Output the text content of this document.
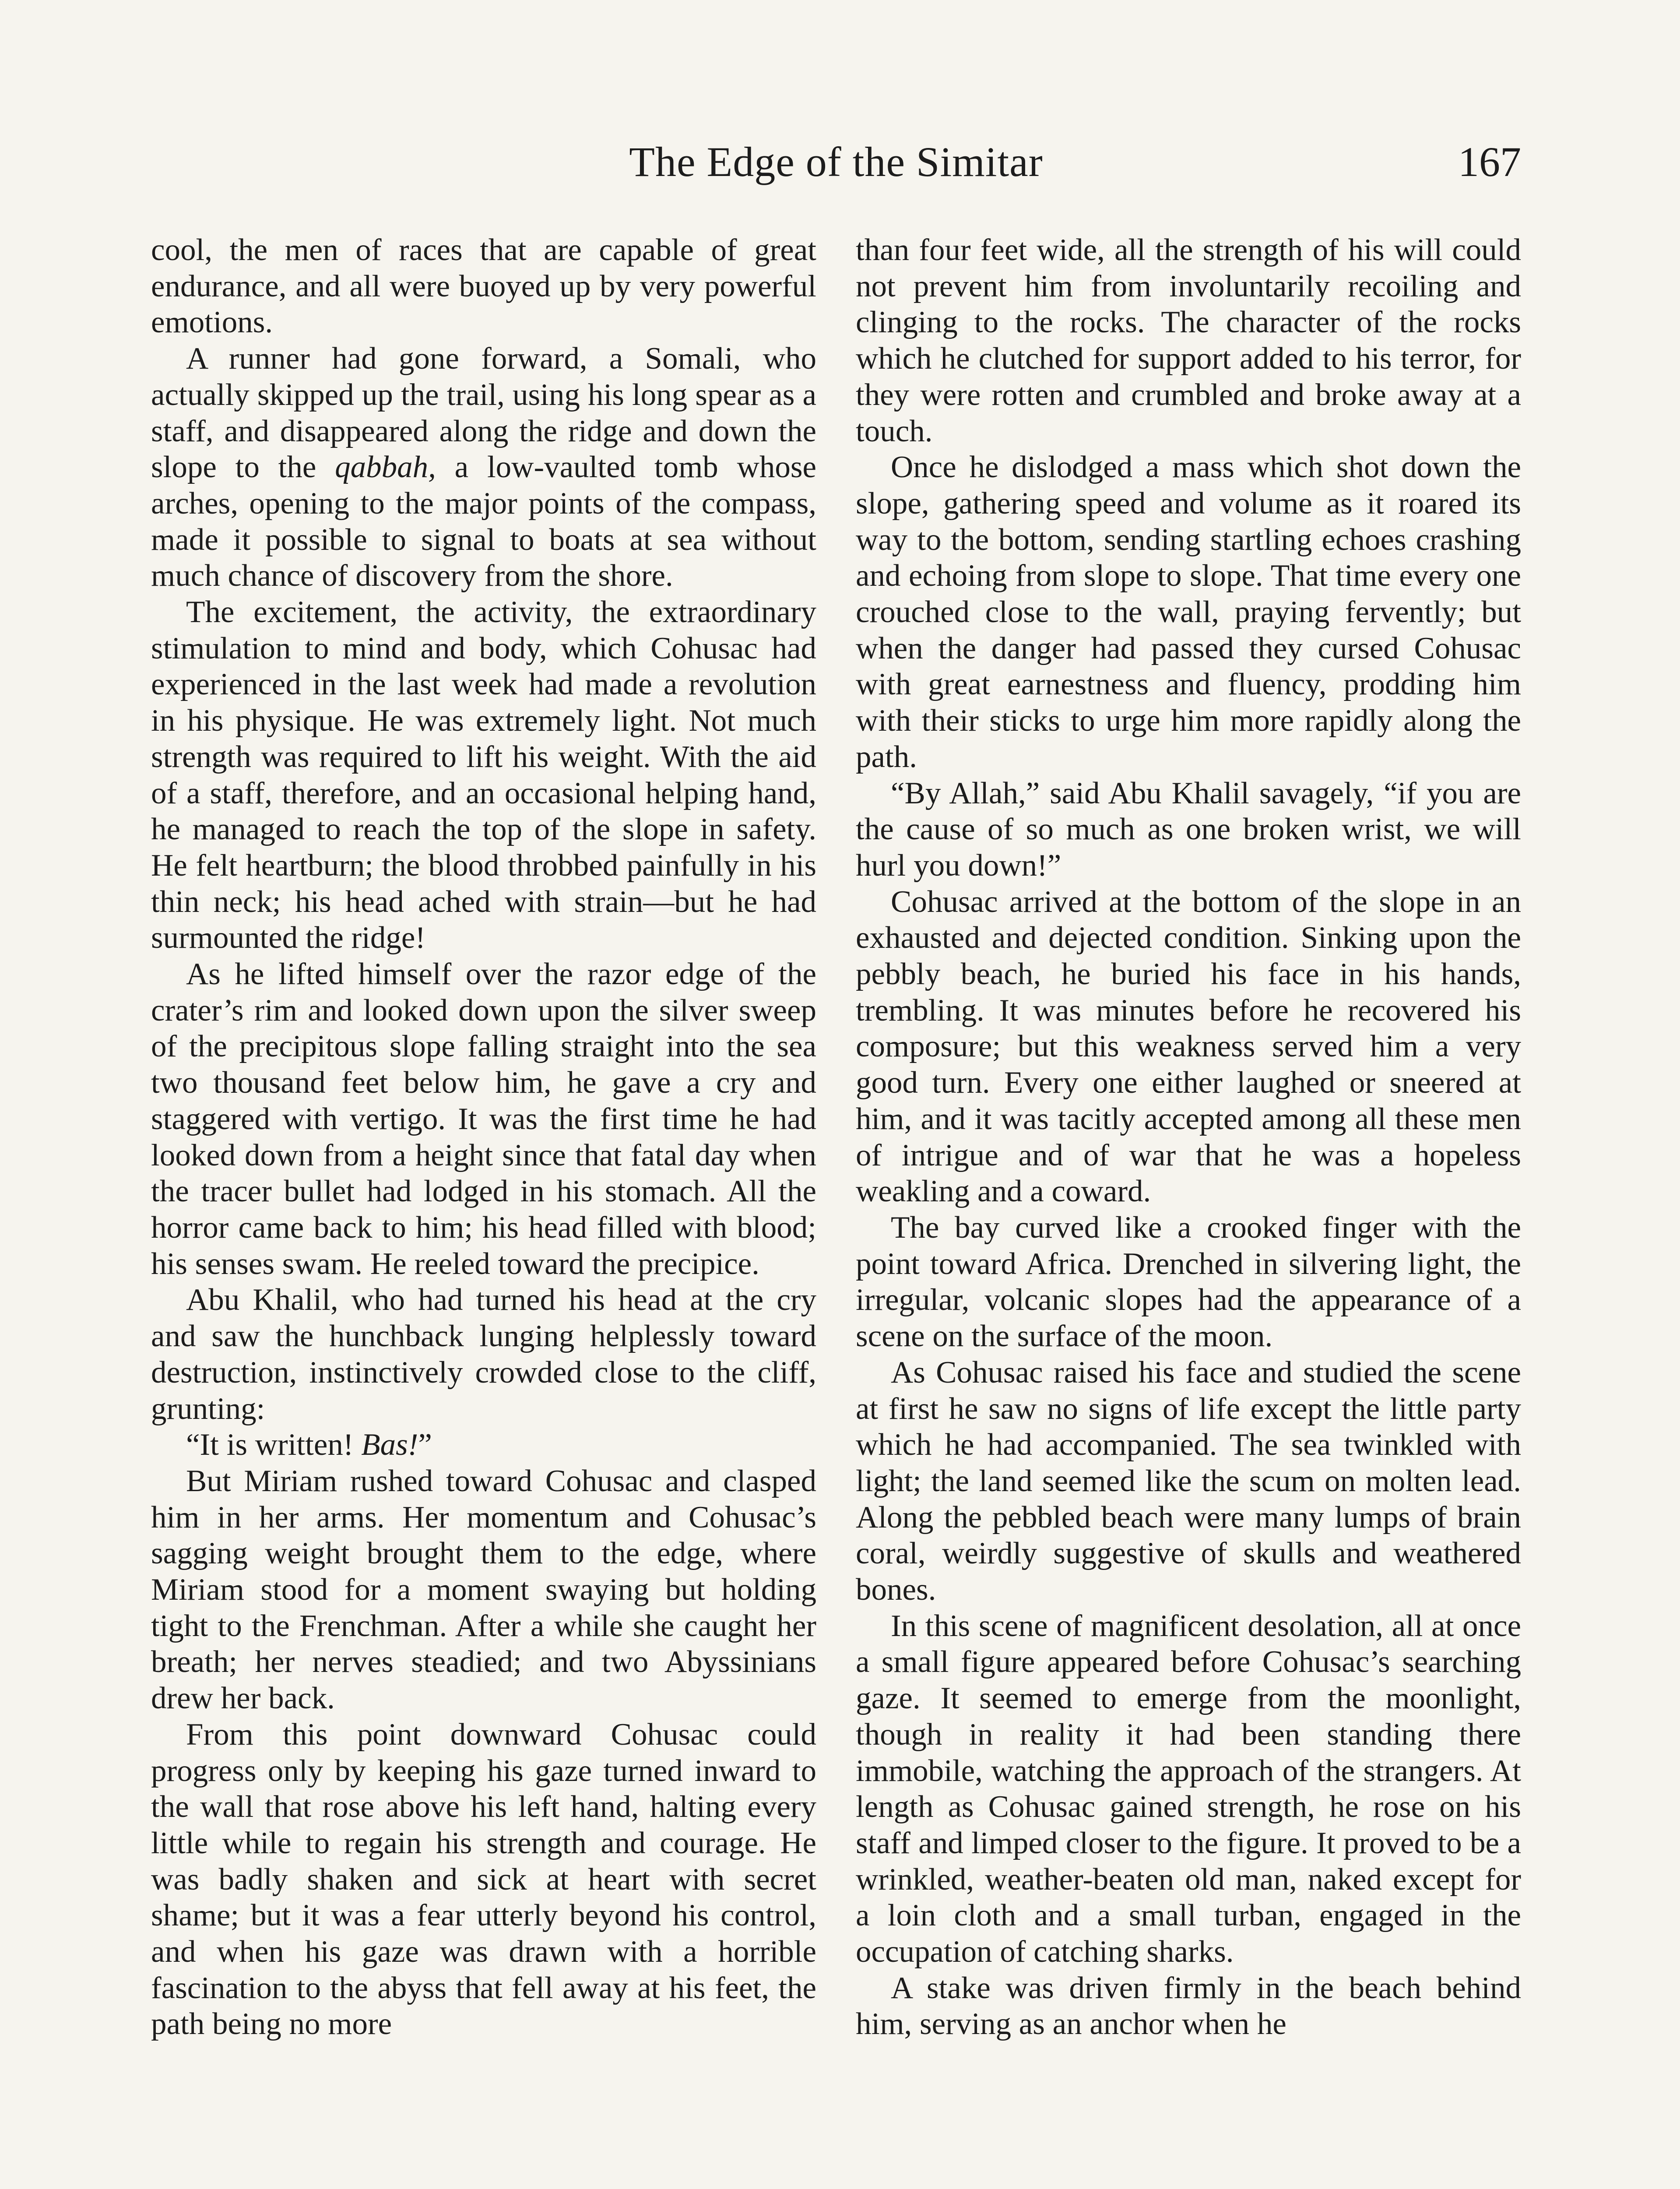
The Edge of the Simitar	167

cool, the men of races that are capable of great endurance, and all were buoyed up by very powerful emotions.

A runner had gone forward, a Somali, who actually skipped up the trail, using his long spear as a staff, and disappeared along the ridge and down the slope to the qabbah, a low-vaulted tomb whose arches, opening to the major points of the compass, made it possible to signal to boats at sea without much chance of discovery from the shore.

The excitement, the activity, the extraordinary stimulation to mind and body, which Cohusac had experienced in the last week had made a revolution in his physique. He was extremely light. Not much strength was required to lift his weight. With the aid of a staff, therefore, and an occasional helping hand, he managed to reach the top of the slope in safety. He felt heartburn; the blood throbbed painfully in his thin neck; his head ached with strain—but he had surmounted the ridge!

As he lifted himself over the razor edge of the crater’s rim and looked down upon the silver sweep of the precipitous slope falling straight into the sea two thousand feet below him, he gave a cry and staggered with vertigo. It was the first time he had looked down from a height since that fatal day when the tracer bullet had lodged in his stomach. All the horror came back to him; his head filled with blood; his senses swam. He reeled toward the precipice.

Abu Khalil, who had turned his head at the cry and saw the hunchback lunging helplessly toward destruction, instinctively crowded close to the cliff, grunting:

“It is written! Bas!”

But Miriam rushed toward Cohusac and clasped him in her arms. Her momentum and Cohusac’s sagging weight brought them to the edge, where Miriam stood for a moment swaying but holding tight to the Frenchman. After a while she caught her breath; her nerves steadied; and two Abyssinians drew her back.

From this point downward Cohusac could progress only by keeping his gaze turned inward to the wall that rose above his left hand, halting every little while to regain his strength and courage. He was badly shaken and sick at heart with secret shame; but it was a fear utterly beyond his control, and when his gaze was drawn with a horrible fascination to the abyss that fell away at his feet, the path being no more

than four feet wide, all the strength of his will could not prevent him from involuntarily recoiling and clinging to the rocks. The character of the rocks which he clutched for support added to his terror, for they were rotten and crumbled and broke away at a touch.

Once he dislodged a mass which shot down the slope, gathering speed and volume as it roared its way to the bottom, sending startling echoes crashing and echoing from slope to slope. That time every one crouched close to the wall, praying fervently; but when the danger had passed they cursed Cohusac with great earnestness and fluency, prodding him with their sticks to urge him more rapidly along the path.

“By Allah,” said Abu Khalil savagely, “if you are the cause of so much as one broken wrist, we will hurl you down!”

Cohusac arrived at the bottom of the slope in an exhausted and dejected condition. Sinking upon the pebbly beach, he buried his face in his hands, trembling. It was minutes before he recovered his composure; but this weakness served him a very good turn. Every one either laughed or sneered at him, and it was tacitly accepted among all these men of intrigue and of war that he was a hopeless weakling and a coward.

The bay curved like a crooked finger with the point toward Africa. Drenched in silvering light, the irregular, volcanic slopes had the appearance of a scene on the surface of the moon.

As Cohusac raised his face and studied the scene at first he saw no signs of life except the little party which he had accompanied. The sea twinkled with light; the land seemed like the scum on molten lead. Along the pebbled beach were many lumps of brain coral, weirdly suggestive of skulls and weathered bones.

In this scene of magnificent desolation, all at once a small figure appeared before Cohusac’s searching gaze. It seemed to emerge from the moonlight, though in reality it had been standing there immobile, watching the approach of the strangers. At length as Cohusac gained strength, he rose on his staff and limped closer to the figure. It proved to be a wrinkled, weather-beaten old man, naked except for a loin cloth and a small turban, engaged in the occupation of catching sharks.

A stake was driven firmly in the beach behind him, serving as an anchor when he
